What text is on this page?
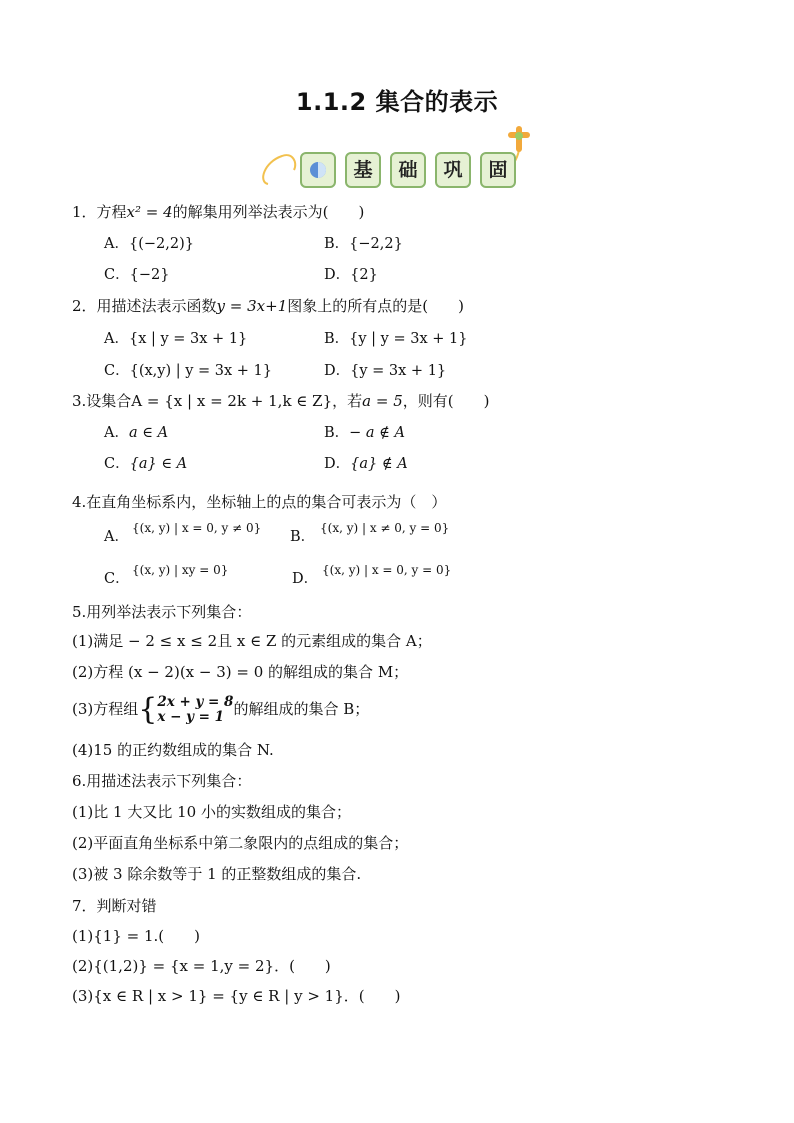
1.1.2 集合的表示
基	础	巩	固
1．方程x² = 4的解集用列举法表示为(　　)
A．{(−2,2)}	B．{−2,2}
C．{−2}	D．{2}
2．用描述法表示函数y = 3x+1图象上的所有点的是(　　)
A．{x | y = 3x + 1}	B．{y | y = 3x + 1}
C．{(x,y) | y = 3x + 1}	D．{y = 3x + 1}
3.设集合A = {x | x = 2k + 1,k ∈ Z}，若a = 5，则有(　　)
A．a ∈ A	B．− a ∉ A
C．{a} ∈ A	D．{a} ∉ A
4.在直角坐标系内，坐标轴上的点的集合可表示为（　）
A．
{(x, y) | x = 0, y ≠ 0}
B．
{(x, y) | x ≠ 0, y = 0}
C．
{(x, y) | xy = 0}
D．
{(x, y) | x = 0, y = 0}
5.用列举法表示下列集合：
(1)满足 − 2 ≤ x ≤ 2且 x ∈ Z 的元素组成的集合 A；
(2)方程 (x − 2)(x − 3) = 0 的解组成的集合 M；
(3)方程组{2x + y = 8
x − y = 1 的解组成的集合 B；
(4)15 的正约数组成的集合 N.
6.用描述法表示下列集合：
(1)比 1 大又比 10 小的实数组成的集合；
(2)平面直角坐标系中第二象限内的点组成的集合；
(3)被 3 除余数等于 1 的正整数组成的集合.
7．判断对错
(1){1} = 1.(　　)
(2){(1,2)} = {x = 1,y = 2}．(　　)
(3){x ∈ R | x > 1} = {y ∈ R | y > 1}．(　　)
